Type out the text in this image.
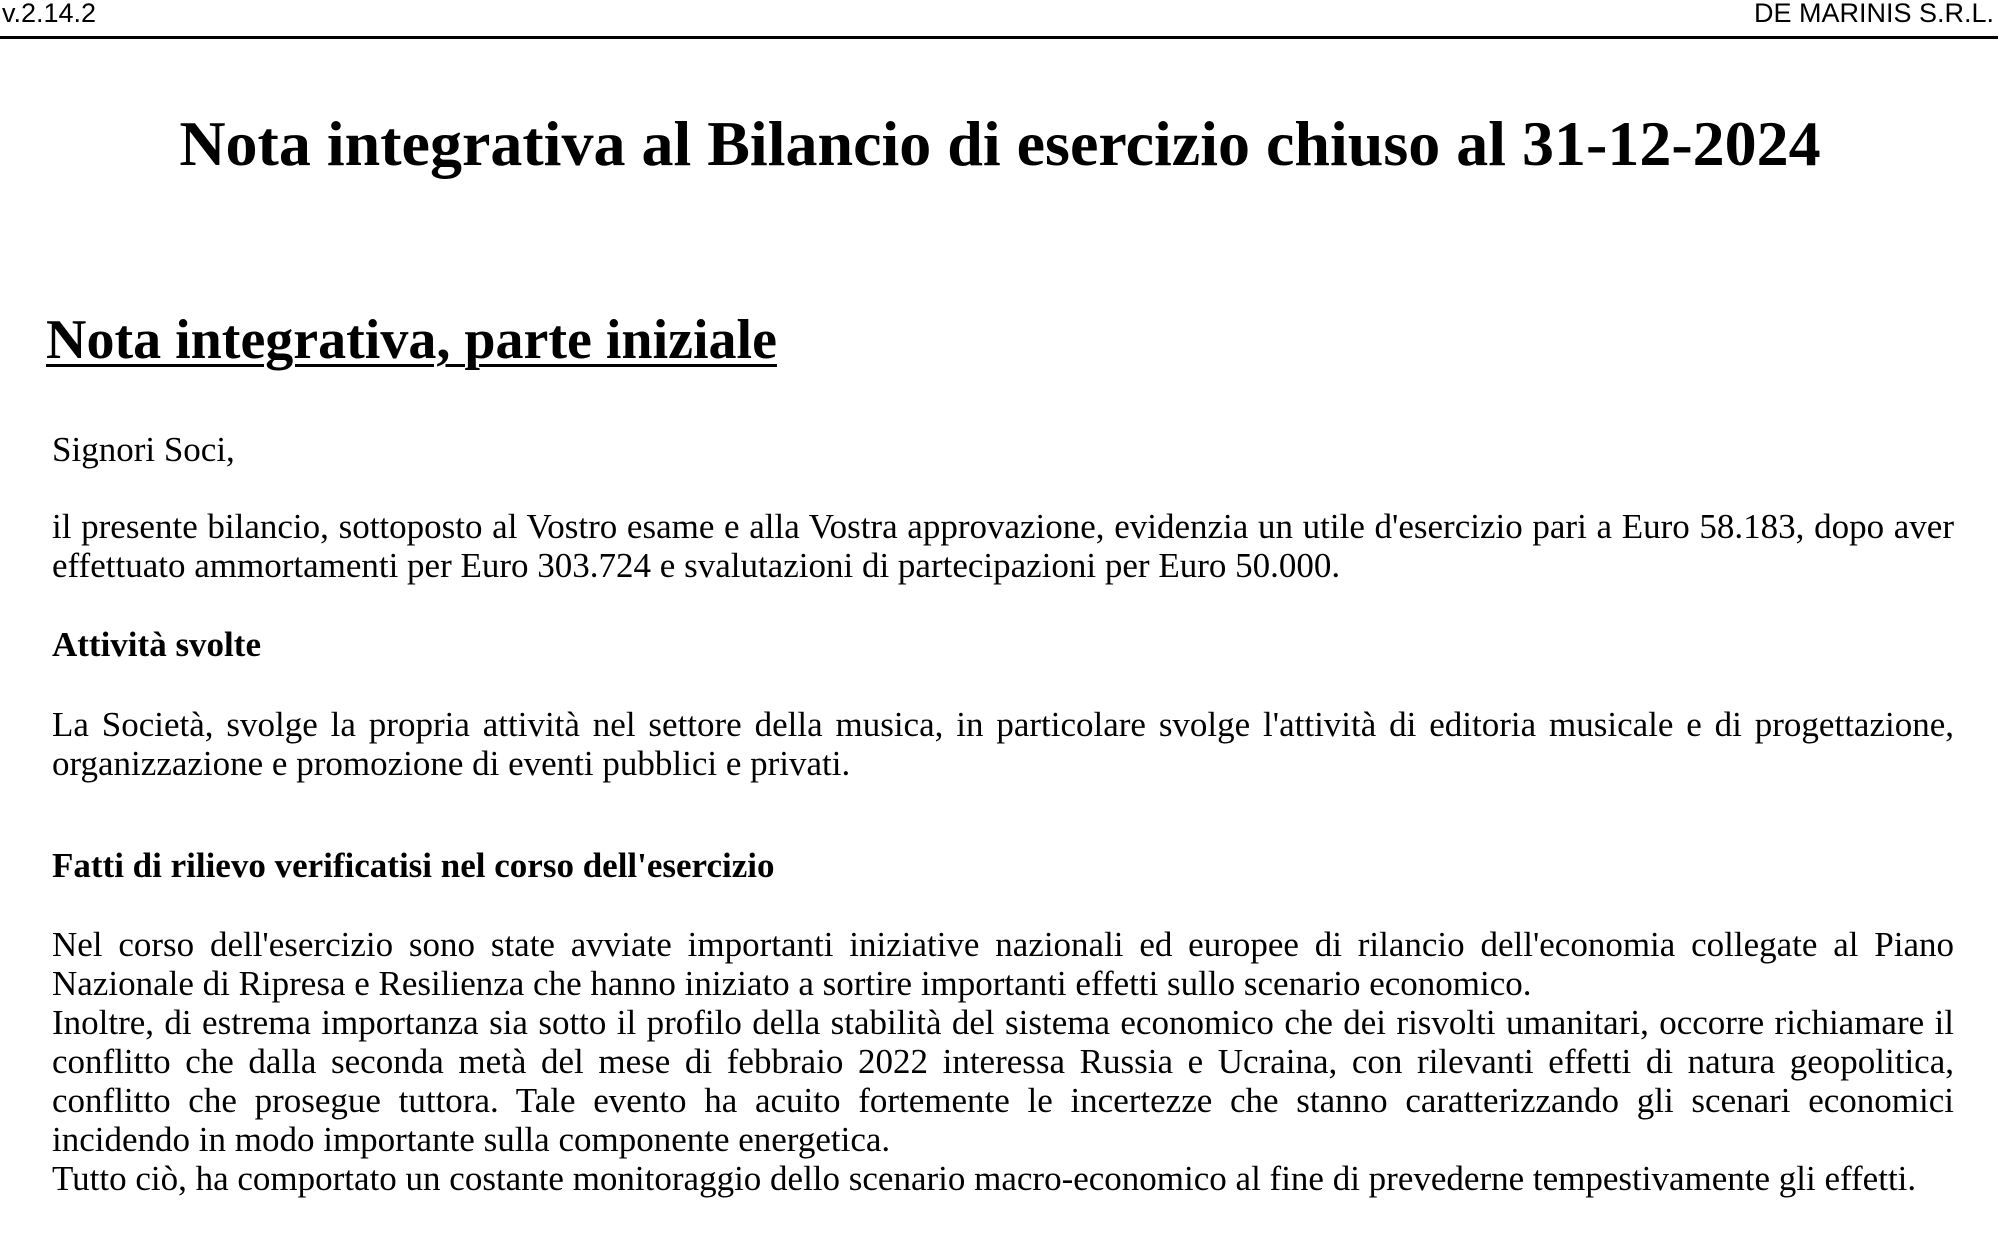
v.2.14.2	DE MARINIS S.R.L.
Nota integrativa al Bilancio di esercizio chiuso al 31-12-2024
Nota integrativa, parte iniziale

Signori Soci,

il presente bilancio, sottoposto al Vostro esame e alla Vostra approvazione, evidenzia un utile d'esercizio pari a Euro 58.183, dopo aver effettuato ammortamenti per Euro 303.724 e svalutazioni di partecipazioni per Euro 50.000.

Attività svolte

La Società, svolge la propria attività nel settore della musica, in particolare svolge l'attività di editoria musicale e di progettazione, organizzazione e promozione di eventi pubblici e privati.

Fatti di rilievo verificatisi nel corso dell'esercizio

Nel corso dell'esercizio sono state avviate importanti iniziative nazionali ed europee di rilancio dell'economia collegate al Piano Nazionale di Ripresa e Resilienza che hanno iniziato a sortire importanti effetti sullo scenario economico.

Inoltre, di estrema importanza sia sotto il profilo della stabilità del sistema economico che dei risvolti umanitari, occorre richiamare il conflitto che dalla seconda metà del mese di febbraio 2022 interessa Russia e Ucraina, con rilevanti effetti di natura geopolitica, conflitto che prosegue tuttora. Tale evento ha acuito fortemente le incertezze che stanno caratterizzando gli scenari economici incidendo in modo importante sulla componente energetica.

Tutto ciò, ha comportato un costante monitoraggio dello scenario macro-economico al fine di prevederne tempestivamente gli effetti.
